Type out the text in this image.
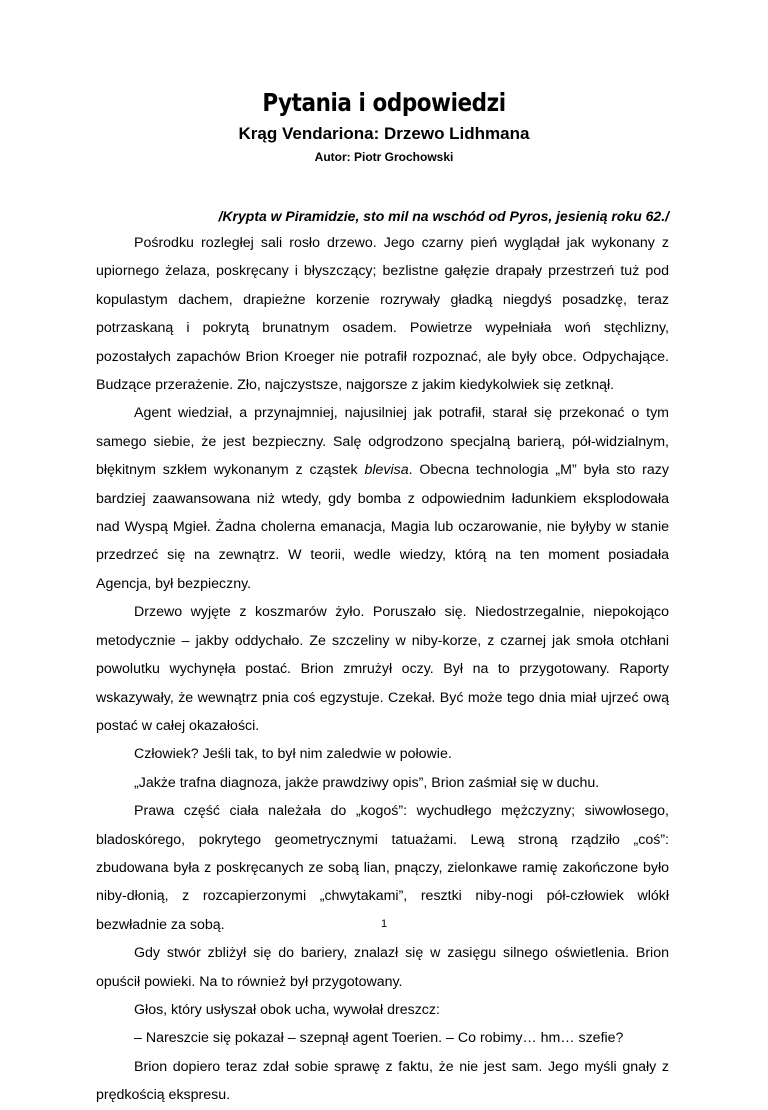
Pytania i odpowiedzi
Krąg Vendariona: Drzewo Lidhmana
Autor: Piotr Grochowski
/Krypta w Piramidzie, sto mil na wschód od Pyros, jesienią roku 62./

Pośrodku rozległej sali rosło drzewo. Jego czarny pień wyglądał jak wykonany z upiornego żelaza, poskręcany i błyszczący; bezlistne gałęzie drapały przestrzeń tuż pod kopulastym dachem, drapieżne korzenie rozrywały gładką niegdyś posadzkę, teraz potrzaskaną i pokrytą brunatnym osadem. Powietrze wypełniała woń stęchlizny, pozostałych zapachów Brion Kroeger nie potrafił rozpoznać, ale były obce. Odpychające. Budzące przerażenie. Zło, najczystsze, najgorsze z jakim kiedykolwiek się zetknął.

Agent wiedział, a przynajmniej, najusilniej jak potrafił, starał się przekonać o tym samego siebie, że jest bezpieczny. Salę odgrodzono specjalną barierą, pół-widzialnym, błękitnym szkłem wykonanym z cząstek blevisa. Obecna technologia „M” była sto razy bardziej zaawansowana niż wtedy, gdy bomba z odpowiednim ładunkiem eksplodowała nad Wyspą Mgieł. Żadna cholerna emanacja, Magia lub oczarowanie, nie byłyby w stanie przedrzeć się na zewnątrz. W teorii, wedle wiedzy, którą na ten moment posiadała Agencja, był bezpieczny.

Drzewo wyjęte z koszmarów żyło. Poruszało się. Niedostrzegalnie, niepokojąco metodycznie – jakby oddychało. Ze szczeliny w niby-korze, z czarnej jak smoła otchłani powolutku wychynęła postać. Brion zmrużył oczy. Był na to przygotowany. Raporty wskazywały, że wewnątrz pnia coś egzystuje. Czekał. Być może tego dnia miał ujrzeć ową postać w całej okazałości.

Człowiek? Jeśli tak, to był nim zaledwie w połowie.

„Jakże trafna diagnoza, jakże prawdziwy opis”, Brion zaśmiał się w duchu.

Prawa część ciała należała do „kogoś”: wychudłego mężczyzny; siwowłosego, bladoskórego, pokrytego geometrycznymi tatuażami. Lewą stroną rządziło „coś”: zbudowana była z poskręcanych ze sobą lian, pnączy, zielonkawe ramię zakończone było niby-dłonią, z rozcapierzonymi „chwytakami”, resztki niby-nogi pół-człowiek wlókł bezwładnie za sobą.

Gdy stwór zbliżył się do bariery, znalazł się w zasięgu silnego oświetlenia. Brion opuścił powieki. Na to również był przygotowany.

Głos, który usłyszał obok ucha, wywołał dreszcz:

– Nareszcie się pokazał – szepnął agent Toerien. – Co robimy… hm… szefie?

Brion dopiero teraz zdał sobie sprawę z faktu, że nie jest sam. Jego myśli gnały z prędkością ekspresu.

1
